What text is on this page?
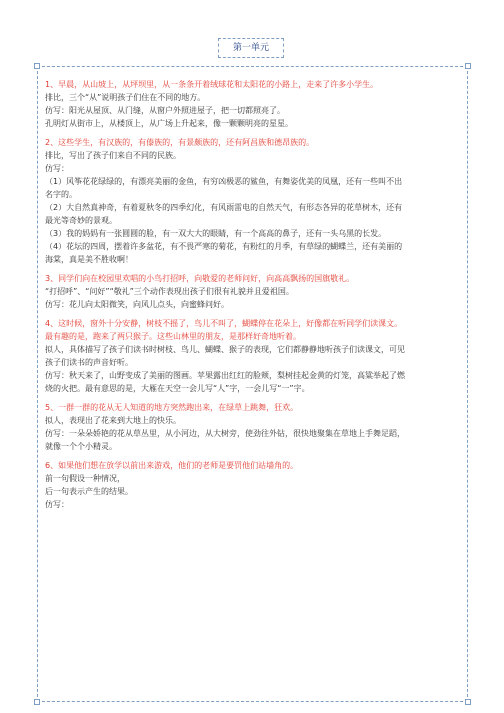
第一单元

1、早晨，从山坡上，从坪坝里，从一条条开着绒球花和太阳花的小路上，走来了许多小学生。

排比，三个“从”说明孩子们住在不同的地方。

仿写：阳光从屋顶、从门缝，从窗户外照进屋子，把一切都照亮了。

孔明灯从街市上，从楼顶上，从广场上升起来，像一颗颗明亮的星星。

2、这些学生，有汉族的，有傣族的，有景颇族的，还有阿昌族和德昂族的。

排比，写出了孩子们来自不同的民族。

仿写：

（1）风筝花花绿绿的，有漂亮美丽的金鱼，有穷凶极恶的鲨鱼，有舞姿优美的凤凰，还有一些叫不出

名字的。

（2）大自然真神奇，有着夏秋冬的四季幻化，有风雨雷电的自然天气，有形态各异的花草树木，还有

最光等奇妙的景观。

（3）我的妈妈有一张圆圆的脸，有一双大大的眼睛，有一个高高的鼻子，还有一头乌黑的长发。

（4）花坛的四周，摆着许多盆花，有不畏严寒的菊花，有粉红的月季，有草绿的蝴蝶兰，还有美丽的

海棠，真是美不胜收啊！

3、同学们向在校园里欢唱的小鸟打招呼，向敬爱的老师问好，向高高飘扬的国旗敬礼。

“打招呼”、“问好”“敬礼”三个动作表现出孩子们很有礼貌并且爱祖国。

仿写：花儿向太阳微笑，向风儿点头，向蜜蜂问好。

4、这时候，窗外十分安静，树枝不摇了，鸟儿不叫了，蝴蝶停在花朵上，好像都在听同学们读课文。

最有趣的是，跑来了两只猴子。这些山林里的朋友，是那样好奇地听着。

拟人，具体描写了孩子们读书时树枝、鸟儿、蝴蝶、猴子的表现，它们都静静地听孩子们读课文，可见

孩子们读书的声音好听。

仿写：秋天来了，山野变成了美丽的图画。苹果露出红红的脸颊，梨树挂起金黄的灯笼，高粱举起了燃

烧的火把。最有意思的是，大雁在天空一会儿写“人”字，一会儿写“一”字。

5、一群一群的花从无人知道的地方突然跑出来，在绿草上跳舞，狂欢。

拟人，表现出了花来到大地上的快乐。

仿写：一朵朵娇艳的花从草丛里，从小河边，从大树旁，使劲往外钻，很快地聚集在草地上手舞足蹈，

就像一个个小精灵。

6、如果他们想在放学以前出来游戏，他们的老师是要罚他们站墙角的。

前一句假设一种情况，

后一句表示产生的结果。

仿写：
